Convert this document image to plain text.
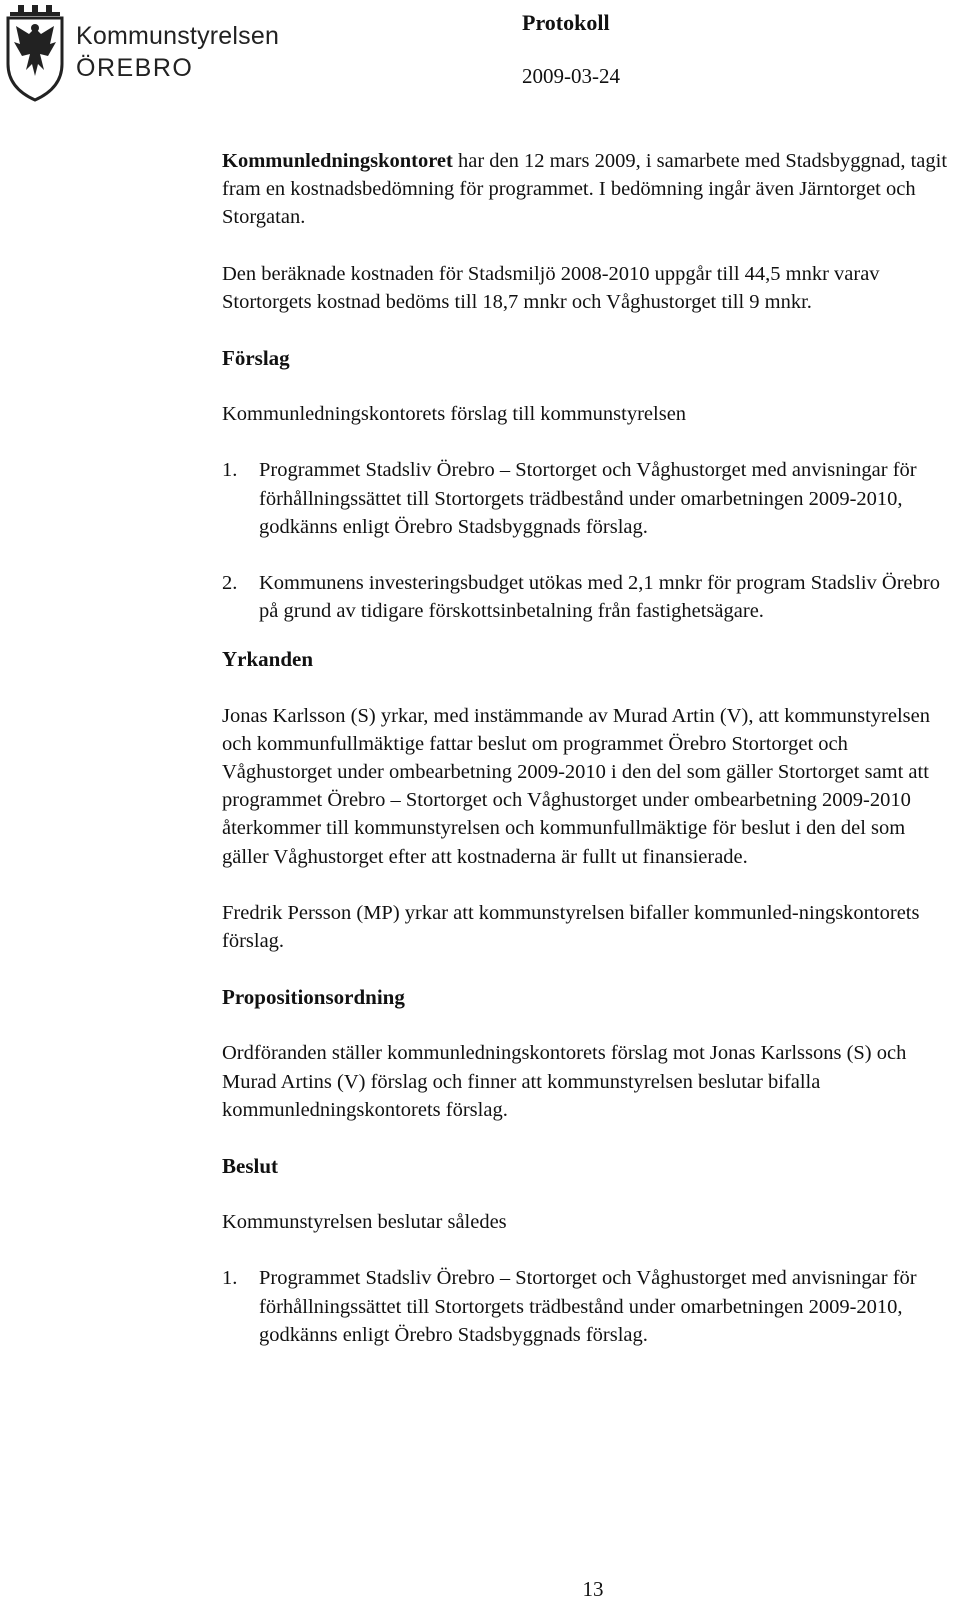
Kommunstyrelsen
ÖREBRO

Protokoll

2009-03-24

Kommunledningskontoret har den 12 mars 2009, i samarbete med Stadsbyggnad, tagit fram en kostnadsbedömning för programmet. I bedömning ingår även Järntorget och Storgatan.

Den beräknade kostnaden för Stadsmiljö 2008-2010 uppgår till 44,5 mnkr varav Stortorgets kostnad bedöms till 18,7 mnkr och Våghustorget till 9 mnkr.

Förslag

Kommunledningskontorets förslag till kommunstyrelsen

1.	Programmet Stadsliv Örebro – Stortorget och Våghustorget med anvisningar för förhållningssättet till Stortorgets trädbestånd under omarbetningen 2009-2010, godkänns enligt Örebro Stadsbyggnads förslag.
2.	Kommunens investeringsbudget utökas med 2,1 mnkr för program Stadsliv Örebro på grund av tidigare förskottsinbetalning från fastighetsägare.

Yrkanden

Jonas Karlsson (S) yrkar, med instämmande av Murad Artin (V), att kommunstyrelsen och kommunfullmäktige fattar beslut om programmet Örebro Stortorget och Våghustorget under ombearbetning 2009-2010 i den del som gäller Stortorget samt att programmet Örebro – Stortorget och Våghustorget under ombearbetning 2009-2010 återkommer till kommunstyrelsen och kommunfullmäktige för beslut i den del som gäller Våghustorget efter att kostnaderna är fullt ut finansierade.

Fredrik Persson (MP) yrkar att kommunstyrelsen bifaller kommunled-ningskontorets förslag.

Propositionsordning

Ordföranden ställer kommunledningskontorets förslag mot Jonas Karlssons (S) och Murad Artins (V) förslag och finner att kommunstyrelsen beslutar bifalla kommunledningskontorets förslag.

Beslut

Kommunstyrelsen beslutar således

1.	Programmet Stadsliv Örebro – Stortorget och Våghustorget med anvisningar för förhållningssättet till Stortorgets trädbestånd under omarbetningen 2009-2010, godkänns enligt Örebro Stadsbyggnads förslag.
13
